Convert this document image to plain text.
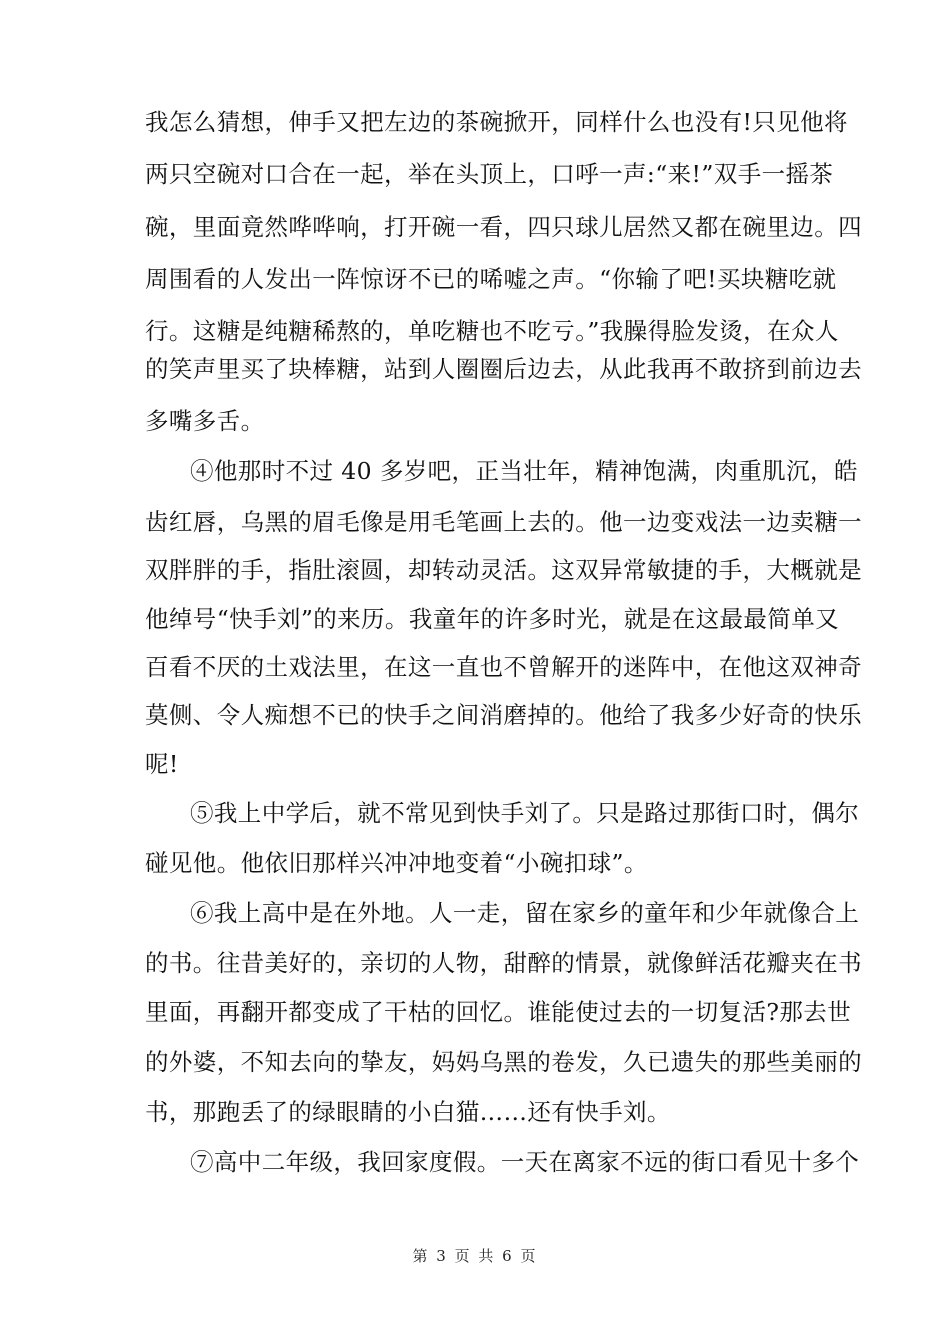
我怎么猜想，伸手又把左边的茶碗掀开，同样什么也没有!只见他将
两只空碗对口合在一起，举在头顶上，口呼一声:“来!”双手一摇茶
碗，里面竟然哗哗响，打开碗一看，四只球儿居然又都在碗里边。四
周围看的人发出一阵惊讶不已的唏嘘之声。“你输了吧!买块糖吃就
行。这糖是纯糖稀熬的，单吃糖也不吃亏。”我臊得脸发烫，在众人
的笑声里买了块棒糖，站到人圈圈后边去，从此我再不敢挤到前边去
多嘴多舌。
④他那时不过 40 多岁吧，正当壮年，精神饱满，肉重肌沉，皓
齿红唇，乌黑的眉毛像是用毛笔画上去的。他一边变戏法一边卖糖一
双胖胖的手，指肚滚圆，却转动灵活。这双异常敏捷的手，大概就是
他绰号“快手刘”的来历。我童年的许多时光，就是在这最最简单又
百看不厌的土戏法里，在这一直也不曾解开的迷阵中，在他这双神奇
莫侧、令人痴想不已的快手之间消磨掉的。他给了我多少好奇的快乐
呢!
⑤我上中学后，就不常见到快手刘了。只是路过那街口时，偶尔
碰见他。他依旧那样兴冲冲地变着“小碗扣球”。
⑥我上高中是在外地。人一走，留在家乡的童年和少年就像合上
的书。往昔美好的，亲切的人物，甜醉的情景，就像鲜活花瓣夹在书
里面，再翻开都变成了干枯的回忆。谁能使过去的一切复活?那去世
的外婆，不知去向的挚友，妈妈乌黑的卷发，久已遗失的那些美丽的
书，那跑丢了的绿眼睛的小白猫……还有快手刘。
⑦高中二年级，我回家度假。一天在离家不远的街口看见十多个
第 3 页 共 6 页
